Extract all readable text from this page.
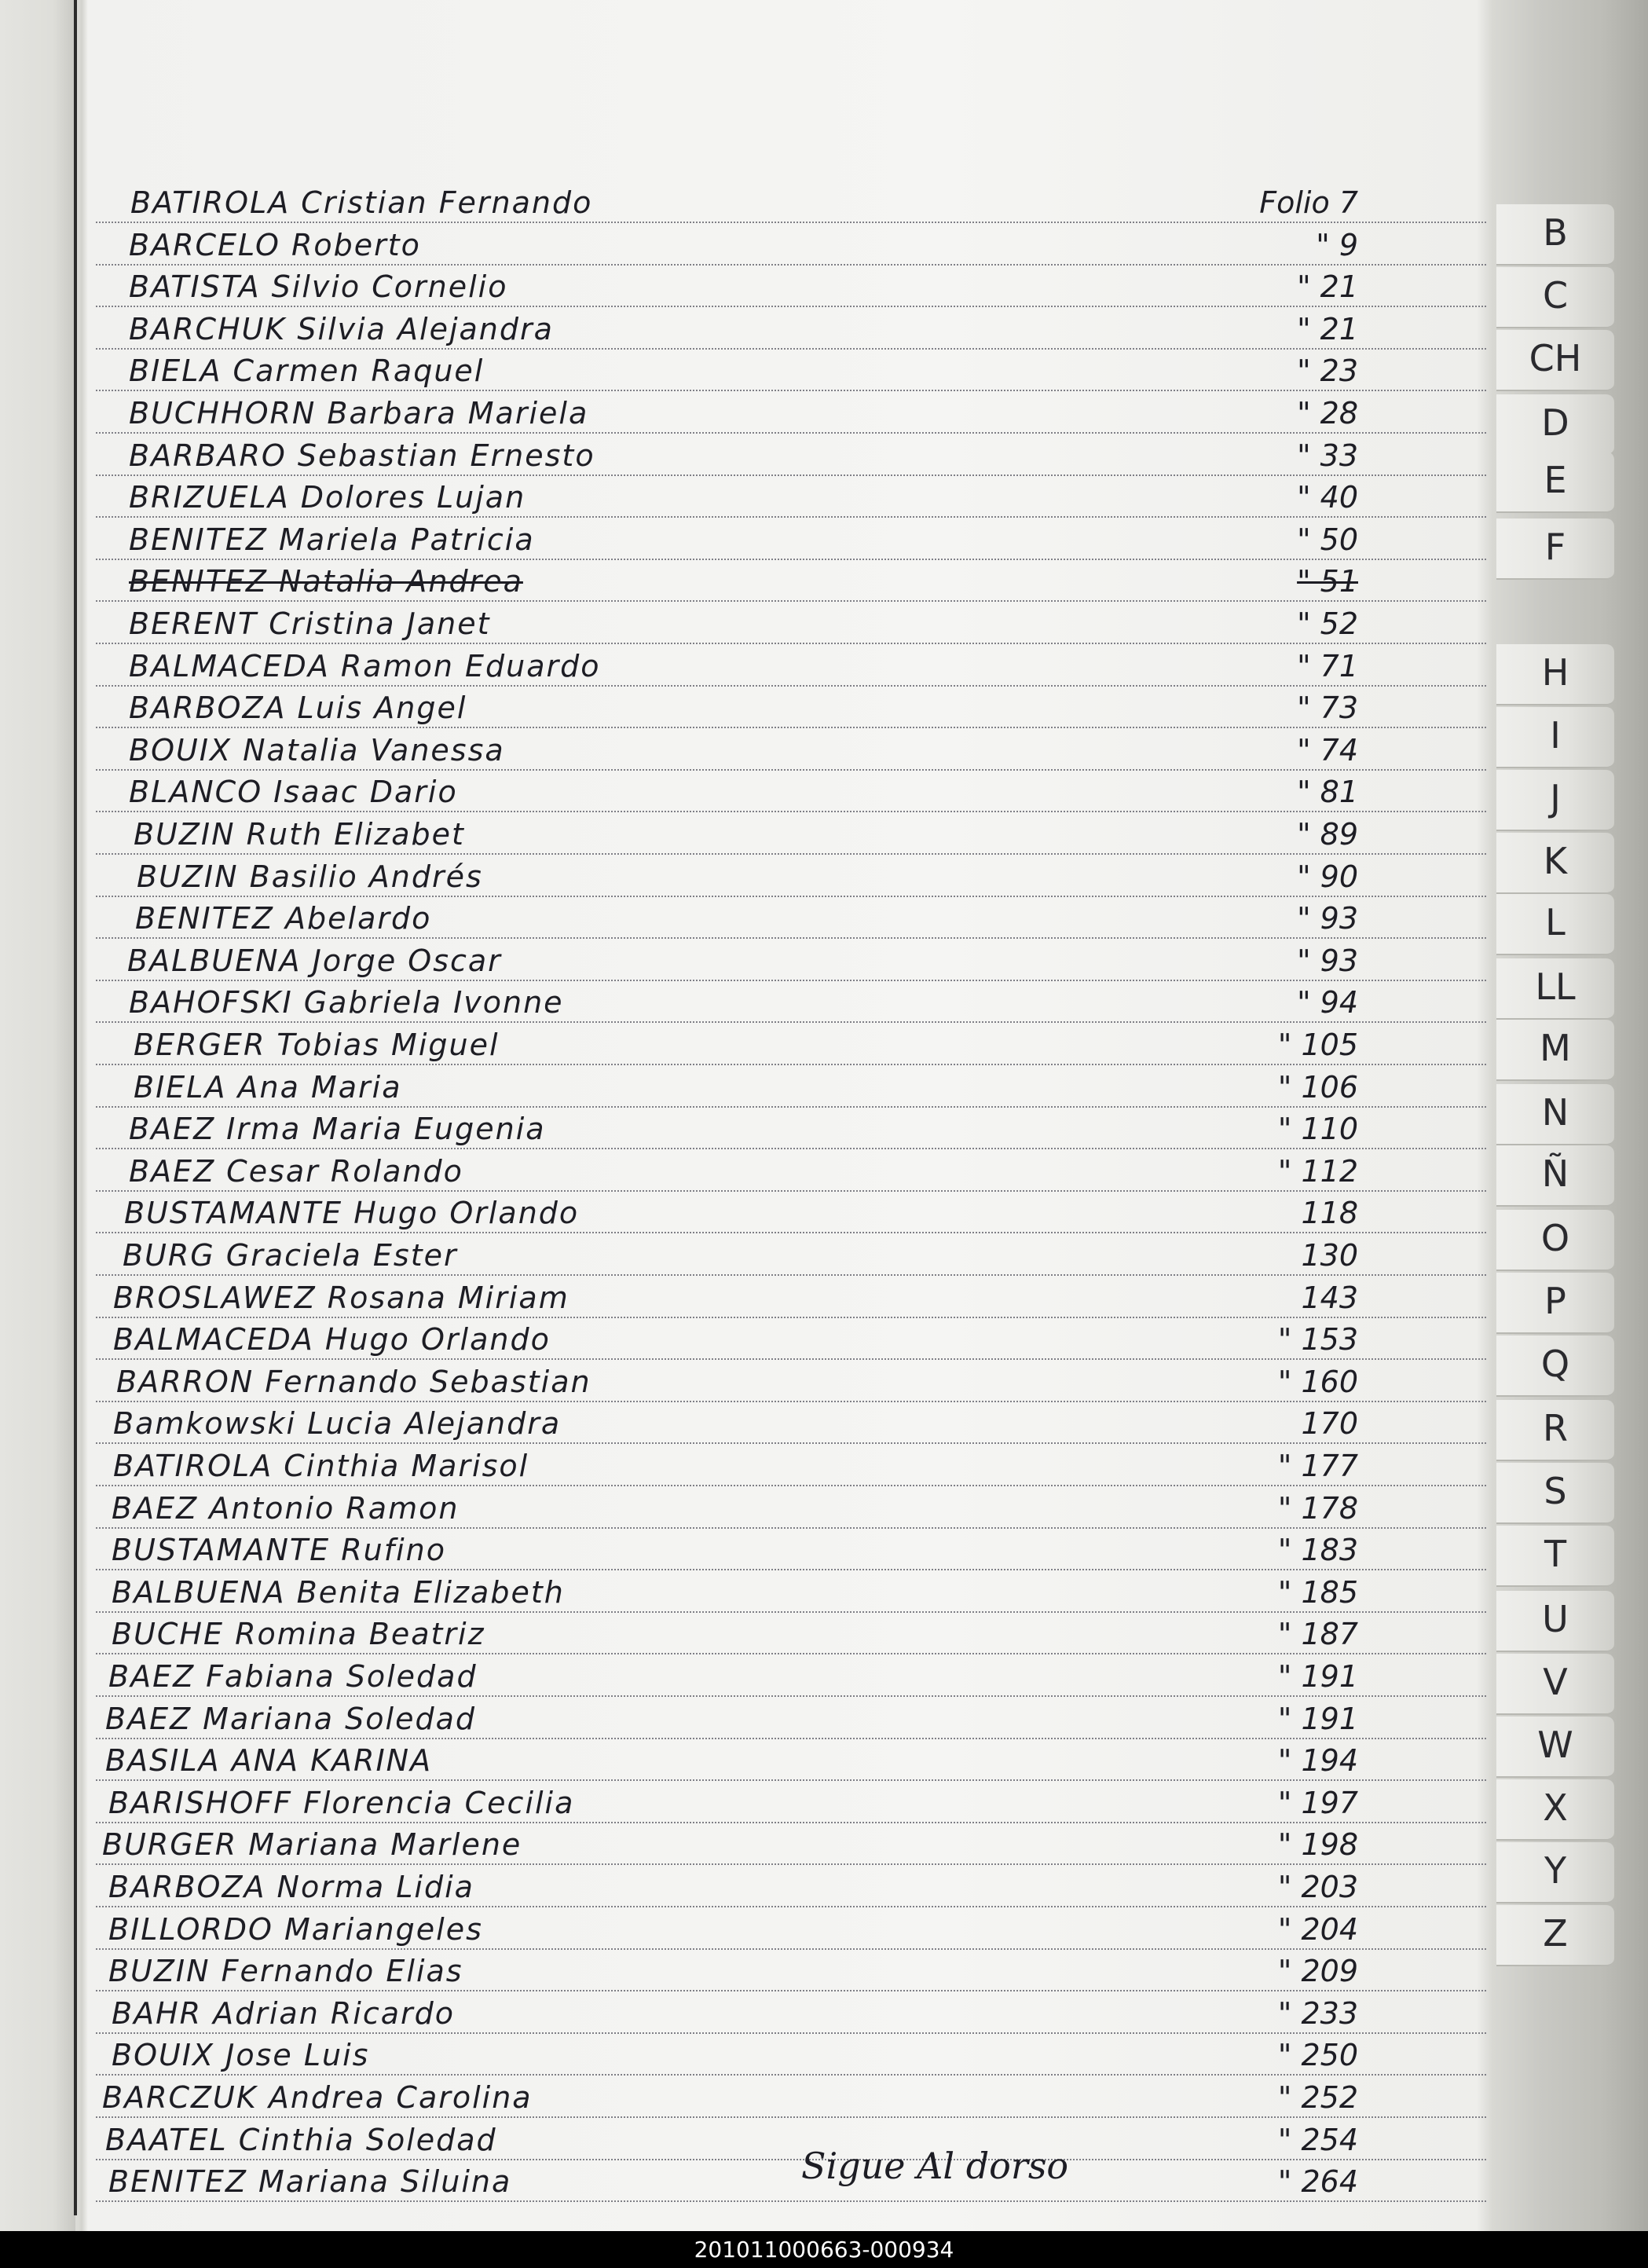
BATIROLA Cristian Fernando	Folio 7
BARCELO Roberto	" 9
BATISTA Silvio Cornelio	" 21
BARCHUK Silvia Alejandra	" 21
BIELA Carmen Raquel	" 23
BUCHHORN Barbara Mariela	" 28
BARBARO Sebastian Ernesto	" 33
BRIZUELA Dolores Lujan	" 40
BENITEZ Mariela Patricia	" 50
BENITEZ Natalia Andrea	" 51
BERENT Cristina Janet	" 52
BALMACEDA Ramon Eduardo	" 71
BARBOZA Luis Angel	" 73
BOUIX Natalia Vanessa	" 74
BLANCO Isaac Dario	" 81
BUZIN Ruth Elizabet	" 89
BUZIN Basilio Andrés	" 90
BENITEZ Abelardo	" 93
BALBUENA Jorge Oscar	" 93
BAHOFSKI Gabriela Ivonne	" 94
BERGER Tobias Miguel	" 105
BIELA Ana Maria	" 106
BAEZ Irma Maria Eugenia	" 110
BAEZ Cesar Rolando	" 112
BUSTAMANTE Hugo Orlando	118
BURG Graciela Ester	130
BROSLAWEZ Rosana Miriam	143
BALMACEDA Hugo Orlando	" 153
BARRON Fernando Sebastian	" 160
Bamkowski Lucia Alejandra	170
BATIROLA Cinthia Marisol	" 177
BAEZ Antonio Ramon	" 178
BUSTAMANTE Rufino	" 183
BALBUENA Benita Elizabeth	" 185
BUCHE Romina Beatriz	" 187
BAEZ Fabiana Soledad	" 191
BAEZ Mariana Soledad	" 191
BASILA ANA KARINA	" 194
BARISHOFF Florencia Cecilia	" 197
BURGER Mariana Marlene	" 198
BARBOZA Norma Lidia	" 203
BILLORDO Mariangeles	" 204
BUZIN Fernando Elias	" 209
BAHR Adrian Ricardo	" 233
BOUIX Jose Luis	" 250
BARCZUK Andrea Carolina	" 252
BAATEL Cinthia Soledad	" 254
BENITEZ Mariana Siluina	" 264
Sigue Al dorso
B
C
CH
D
E
F
H
I
J
K
L
LL
M
N
Ñ
O
P
Q
R
S
T
U
V
W
X
Y
Z
201011000663-000934
